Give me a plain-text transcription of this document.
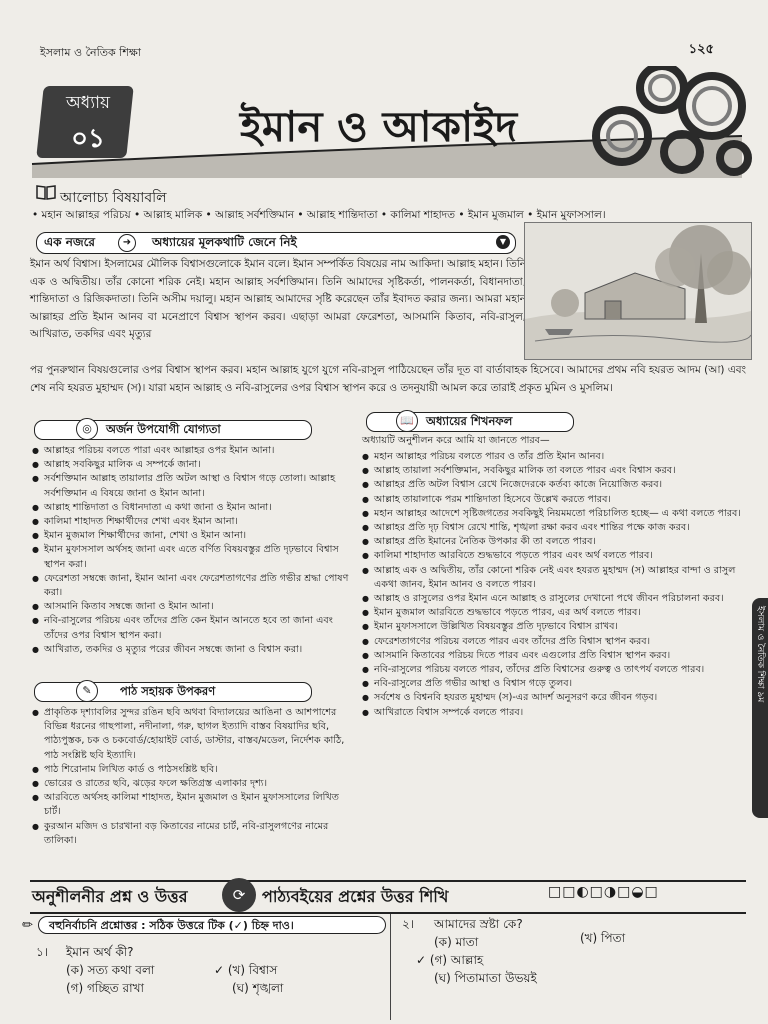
ইসলাম ও নৈতিক শিক্ষা	১২৫
অধ্যায়
০১	ইমান ও আকাইদ
আলোচ্য বিষয়াবলি
• মহান আল্লাহর পরিচয় • আল্লাহ মালিক • আল্লাহ সর্বশক্তিমান • আল্লাহ শান্তিদাতা • কালিমা শাহাদত • ইমান মুজমাল • ইমান মুফাসসাল।
এক নজরে	➜	অধ্যায়ের মূলকথাটি জেনে নিই	▼
ইমান অর্থ বিশ্বাস। ইসলামের মৌলিক বিশ্বাসগুলোকে ইমান বলে। ইমান সম্পর্কিত বিষয়ের নাম আকিদা। আল্লাহ মহান। তিনি এক ও অদ্বিতীয়। তাঁর কোনো শরিক নেই। মহান আল্লাহ সর্বশক্তিমান। তিনি আমাদের সৃষ্টিকর্তা, পালনকর্তা, বিধানদাতা, শান্তিদাতা ও রিজিকদাতা। তিনি অসীম দয়ালু। মহান আল্লাহ আমাদের সৃষ্টি করেছেন তাঁর ইবাদত করার জন্য। আমরা মহান আল্লাহর প্রতি ইমান আনব বা মনেপ্রাণে বিশ্বাস স্থাপন করব। এছাড়া আমরা ফেরেশতা, আসমানি কিতাব, নবি-রাসুল, আখিরাত, তকদির এবং মৃত্যুর
পর পুনরুত্থান বিষয়গুলোর ওপর বিশ্বাস স্থাপন করব। মহান আল্লাহ যুগে যুগে নবি-রাসুল পাঠিয়েছেন তাঁর দূত বা বার্তাবাহক হিসেবে। আমাদের প্রথম নবি হযরত আদম (আ) এবং শেষ নবি হযরত মুহাম্মদ (স)। যারা মহান আল্লাহ ও নবি-রাসুলের ওপর বিশ্বাস স্থাপন করে ও তদনুযায়ী আমল করে তারাই প্রকৃত মুমিন ও মুসলিম।
◎	অর্জন উপযোগী যোগ্যতা
● আল্লাহর পরিচয় বলতে পারা এবং আল্লাহর ওপর ইমান আনা।
● আল্লাহ সবকিছুর মালিক এ সম্পর্কে জানা।
● সর্বশক্তিমান আল্লাহ তায়ালার প্রতি অটল আস্থা ও বিশ্বাস গড়ে তোলা। আল্লাহ সর্বশক্তিমান এ বিষয়ে জানা ও ইমান আনা।
● আল্লাহ শান্তিদাতা ও বিধানদাতা এ কথা জানা ও ইমান আনা।
● কালিমা শাহাদত শিক্ষার্থীদের শেখা এবং ইমান আনা।
● ইমান মুজমাল শিক্ষার্থীদের জানা, শেখা ও ইমান আনা।
● ইমান মুফাসসাল অর্থসহ জানা এবং এতে বর্ণিত বিষয়বস্তুর প্রতি দৃঢ়ভাবে বিশ্বাস স্থাপন করা।
● ফেরেশতা সম্বন্ধে জানা, ইমান আনা এবং ফেরেশতাগণের প্রতি গভীর শ্রদ্ধা পোষণ করা।
● আসমানি কিতাব সম্বন্ধে জানা ও ইমান আনা।
● নবি-রাসুলের পরিচয় এবং তাঁদের প্রতি কেন ইমান আনতে হবে তা জানা এবং তাঁদের ওপর বিশ্বাস স্থাপন করা।
● আখিরাত, তকদির ও মৃত্যুর পরের জীবন সম্বন্ধে জানা ও বিশ্বাস করা।
✎	পাঠ সহায়ক উপকরণ
● প্রাকৃতিক দৃশ্যাবলির সুন্দর রঙিন ছবি অথবা বিদ্যালয়ের আঙিনা ও আশপাশের বিভিন্ন ধরনের গাছপালা, নদীনালা, গরু, ছাগল ইত্যাদি বাস্তব বিষয়াদির ছবি, পাঠ্যপুস্তক, চক ও চকবোর্ড/হোয়াইট বোর্ড, ডাস্টার, বাস্তব/মডেল, নির্দেশক কাঠি, পাঠ সংশ্লিষ্ট ছবি ইত্যাদি।
● পাঠ শিরোনাম লিখিত কার্ড ও পাঠসংশ্লিষ্ট ছবি।
● ভোরের ও রাতের ছবি, ঝড়ের ফলে ক্ষতিগ্রস্ত এলাকার দৃশ্য।
● আরবিতে অর্থসহ কালিমা শাহাদত, ইমান মুজমাল ও ইমান মুফাসসালের লিখিত চার্ট।
● কুরআন মজিদ ও চারখানা বড় কিতাবের নামের চার্ট, নবি-রাসুলগণের নামের তালিকা।
📖	অধ্যায়ের শিখনফল
অধ্যায়টি অনুশীলন করে আমি যা জানতে পারব—
● মহান আল্লাহর পরিচয় বলতে পারব ও তাঁর প্রতি ইমান আনব।
● আল্লাহ তায়ালা সর্বশক্তিমান, সবকিছুর মালিক তা বলতে পারব এবং বিশ্বাস করব।
● আল্লাহর প্রতি অটল বিশ্বাস রেখে নিজেদেরকে কর্তব্য কাজে নিয়োজিত করব।
● আল্লাহ তায়ালাকে পরম শান্তিদাতা হিসেবে উল্লেখ করতে পারব।
● মহান আল্লাহর আদেশে সৃষ্টিজগতের সবকিছুই নিয়মমতো পরিচালিত হচ্ছে— এ কথা বলতে পারব।
● আল্লাহর প্রতি দৃঢ় বিশ্বাস রেখে শান্তি, শৃঙ্খলা রক্ষা করব এবং শান্তির পক্ষে কাজ করব।
● আল্লাহর প্রতি ইমানের নৈতিক উপকার কী তা বলতে পারব।
● কালিমা শাহাদাত আরবিতে শুদ্ধভাবে পড়তে পারব এবং অর্থ বলতে পারব।
● আল্লাহ এক ও অদ্বিতীয়, তাঁর কোনো শরিক নেই এবং হযরত মুহাম্মদ (স) আল্লাহর বান্দা ও রাসুল একথা জানব, ইমান আনব ও বলতে পারব।
● আল্লাহ ও রাসুলের ওপর ইমান এনে আল্লাহ ও রাসুলের দেখানো পথে জীবন পরিচালনা করব।
● ইমান মুজমাল আরবিতে শুদ্ধভাবে পড়তে পারব, এর অর্থ বলতে পারব।
● ইমান মুফাসসালে উল্লিখিত বিষয়বস্তুর প্রতি দৃঢ়ভাবে বিশ্বাস রাখব।
● ফেরেশতাগণের পরিচয় বলতে পারব এবং তাঁদের প্রতি বিশ্বাস স্থাপন করব।
● আসমানি কিতাবের পরিচয় দিতে পারব এবং এগুলোর প্রতি বিশ্বাস স্থাপন করব।
● নবি-রাসুলের পরিচয় বলতে পারব, তাঁদের প্রতি বিশ্বাসের গুরুত্ব ও তাৎপর্য বলতে পারব।
● নবি-রাসুলের প্রতি গভীর আস্থা ও বিশ্বাস গড়ে তুলব।
● সর্বশেষ ও বিশ্বনবি হযরত মুহাম্মদ (স)-এর আদর্শ অনুসরণ করে জীবন গড়ব।
● আখিরাতে বিশ্বাস সম্পর্কে বলতে পারব।
ইসলাম ও নৈতিক শিক্ষা ৯ম
অনুশীলনীর প্রশ্ন ও উত্তর	⟳	পাঠ্যবইয়ের প্রশ্নের উত্তর শিখি	□□◐□◑□◒□
✏	বহুনির্বাচনি প্রশ্নোত্তর : সঠিক উত্তরে টিক (✓) চিহ্ন দাও।
১। ইমান অর্থ কী?
(ক) সত্য কথা বলা	✓ (খ) বিশ্বাস
(গ) গচ্ছিত রাখা	(ঘ) শৃঙ্খলা
২। আমাদের স্রষ্টা কে?
(ক) মাতা	(খ) পিতা
✓ (গ) আল্লাহ
(ঘ) পিতামাতা উভয়ই
